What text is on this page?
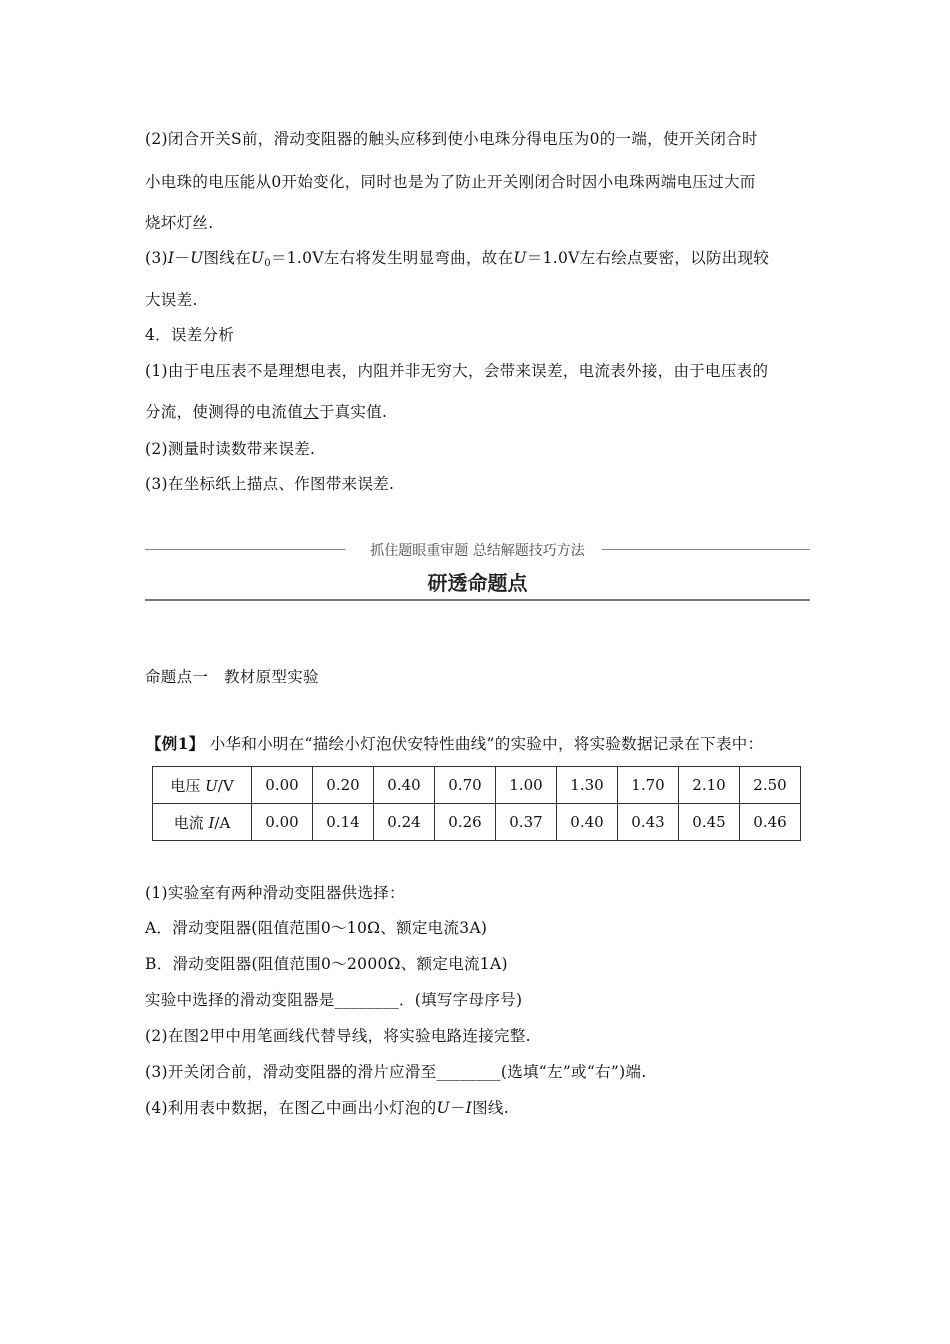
(2)闭合开关S前，滑动变阻器的触头应移到使小电珠分得电压为0的一端，使开关闭合时
小电珠的电压能从0开始变化，同时也是为了防止开关刚闭合时因小电珠两端电压过大而
烧坏灯丝.
(3)I－U图线在$U_0=1.0V$左右将发生明显弯曲，故在U＝1.0V左右绘点要密，以防出现较
大误差.
4．误差分析
(1)由于电压表不是理想电表，内阻并非无穷大，会带来误差，电流表外接，由于电压表的
分流，使测得的电流值大于真实值.
(2)测量时读数带来误差.
(3)在坐标纸上描点、作图带来误差.
抓住题眼重审题 总结解题技巧方法
研透命题点
命题点一　教材原型实验
【例1】 小华和小明在“描绘小灯泡伏安特性曲线”的实验中，将实验数据记录在下表中：
电压 U/V	0.00	0.20	0.40	0.70	1.00	1.30	1.70	2.10	2.50
电流 I/A	0.00	0.14	0.24	0.26	0.37	0.40	0.43	0.45	0.46
(1)实验室有两种滑动变阻器供选择：
A．滑动变阻器(阻值范围0～10Ω、额定电流3A)
B．滑动变阻器(阻值范围0～2000Ω、额定电流1A)
实验中选择的滑动变阻器是________．(填写字母序号)
(2)在图2甲中用笔画线代替导线，将实验电路连接完整.
(3)开关闭合前，滑动变阻器的滑片应滑至________(选填“左”或“右”)端.
(4)利用表中数据，在图乙中画出小灯泡的U－I图线.
